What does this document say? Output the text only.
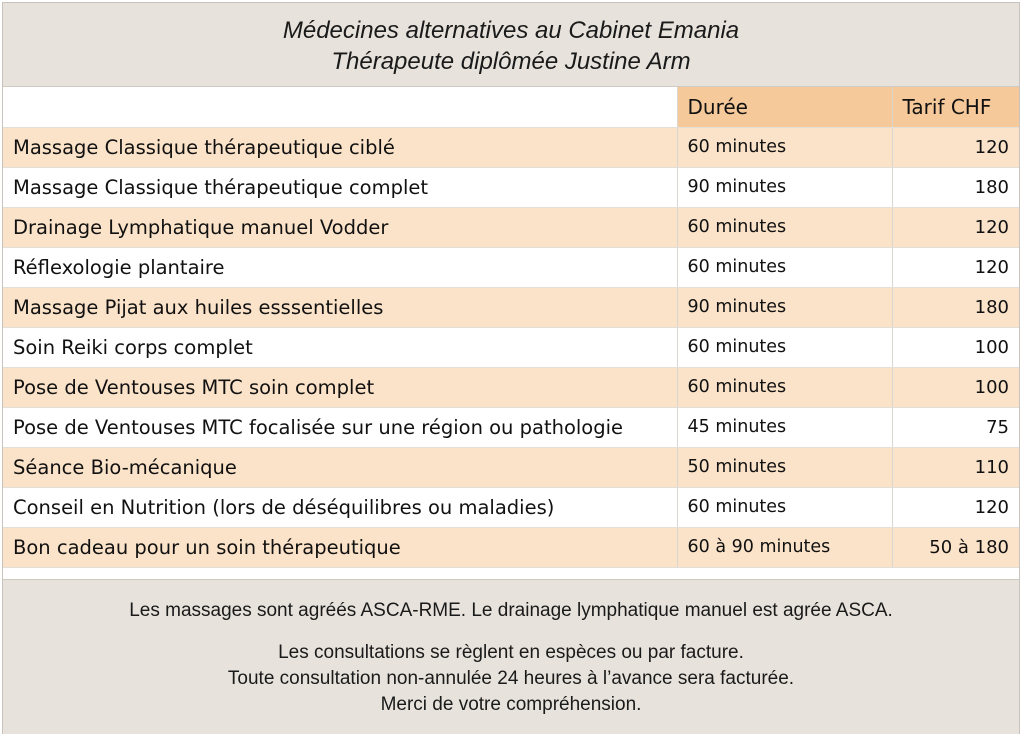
Médecines alternatives au Cabinet Emania
Thérapeute diplômée Justine Arm
	Durée	Tarif CHF
Massage Classique thérapeutique ciblé	60 minutes	120
Massage Classique thérapeutique complet	90 minutes	180
Drainage Lymphatique manuel Vodder	60 minutes	120
Réflexologie plantaire	60 minutes	120
Massage Pijat aux huiles esssentielles	90 minutes	180
Soin Reiki corps complet	60 minutes	100
Pose de Ventouses MTC soin complet	60 minutes	100
Pose de Ventouses MTC focalisée sur une région ou pathologie	45 minutes	75
Séance Bio-mécanique	50 minutes	110
Conseil en Nutrition (lors de déséquilibres ou maladies)	60 minutes	120
Bon cadeau pour un soin thérapeutique	60 à 90 minutes	50 à 180
Les massages sont agréés ASCA-RME. Le drainage lymphatique manuel est agrée ASCA.
Les consultations se règlent en espèces ou par facture.
Toute consultation non-annulée 24 heures à l’avance sera facturée.
Merci de votre compréhension.
